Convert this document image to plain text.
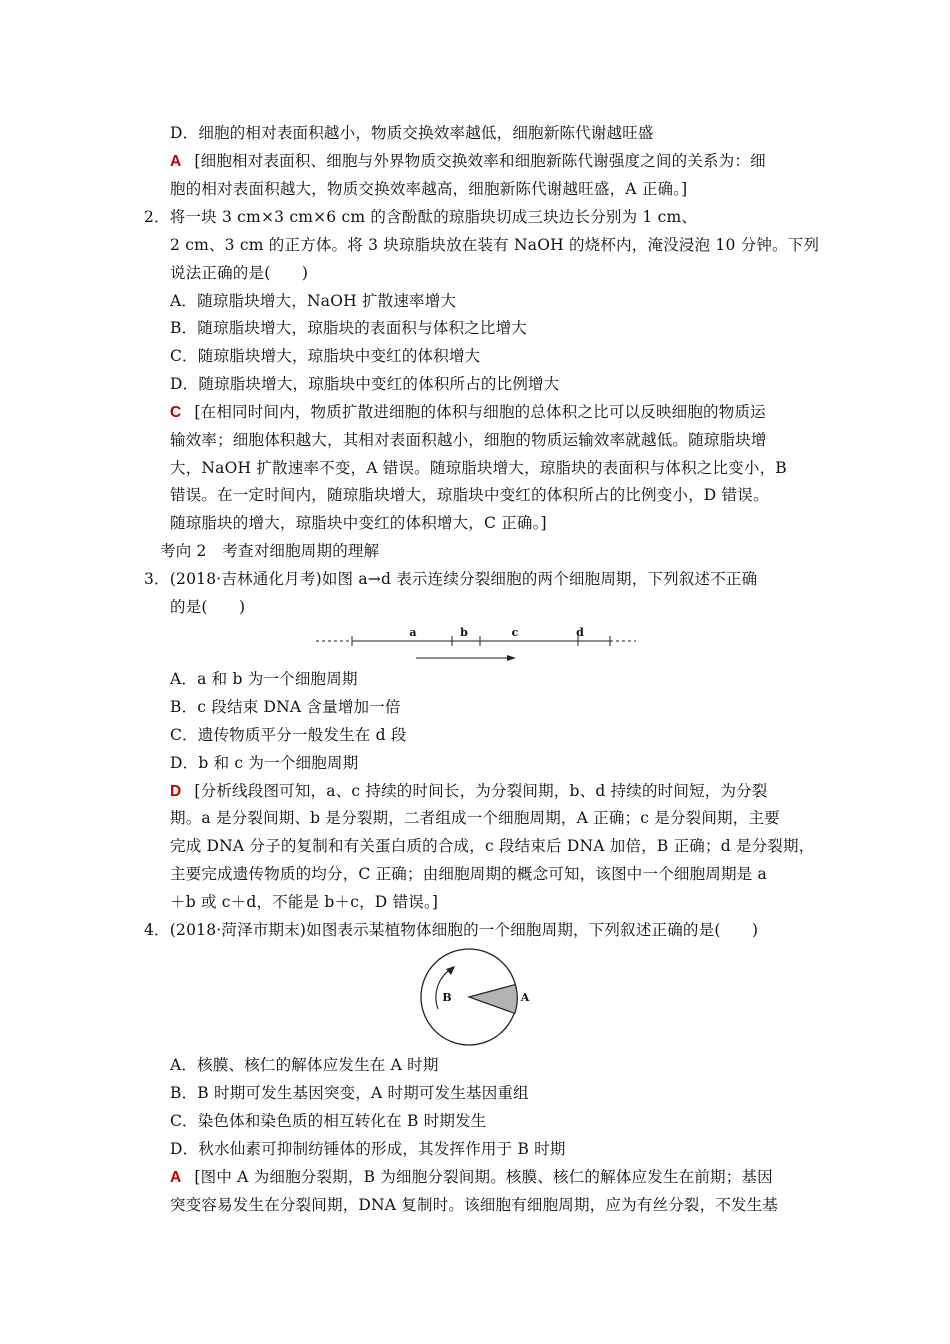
D．细胞的相对表面积越小，物质交换效率越低，细胞新陈代谢越旺盛
A [细胞相对表面积、细胞与外界物质交换效率和细胞新陈代谢强度之间的关系为：细
胞的相对表面积越大，物质交换效率越高，细胞新陈代谢越旺盛，A 正确。]
2．将一块 3 cm×3 cm×6 cm 的含酚酞的琼脂块切成三块边长分别为 1 cm、
2 cm、3 cm 的正方体。将 3 块琼脂块放在装有 NaOH 的烧杯内，淹没浸泡 10 分钟。下列
说法正确的是(　　)
A．随琼脂块增大，NaOH 扩散速率增大
B．随琼脂块增大，琼脂块的表面积与体积之比增大
C．随琼脂块增大，琼脂块中变红的体积增大
D．随琼脂块增大，琼脂块中变红的体积所占的比例增大
C [在相同时间内，物质扩散进细胞的体积与细胞的总体积之比可以反映细胞的物质运
输效率；细胞体积越大，其相对表面积越小，细胞的物质运输效率就越低。随琼脂块增
大，NaOH 扩散速率不变，A 错误。随琼脂块增大，琼脂块的表面积与体积之比变小，B
错误。在一定时间内，随琼脂块增大，琼脂块中变红的体积所占的比例变小，D 错误。
随琼脂块的增大，琼脂块中变红的体积增大，C 正确。]
考向 2　考查对细胞周期的理解
3．(2018·吉林通化月考)如图 a→d 表示连续分裂细胞的两个细胞周期，下列叙述不正确
的是(　　)
a	b	c	d
A．a 和 b 为一个细胞周期
B．c 段结束 DNA 含量增加一倍
C．遗传物质平分一般发生在 d 段
D．b 和 c 为一个细胞周期
D [分析线段图可知，a、c 持续的时间长，为分裂间期，b、d 持续的时间短，为分裂
期。a 是分裂间期、b 是分裂期，二者组成一个细胞周期，A 正确；c 是分裂间期，主要
完成 DNA 分子的复制和有关蛋白质的合成，c 段结束后 DNA 加倍，B 正确；d 是分裂期，
主要完成遗传物质的均分，C 正确；由细胞周期的概念可知，该图中一个细胞周期是 a
＋b 或 c＋d，不能是 b＋c，D 错误。]
4．(2018·菏泽市期末)如图表示某植物体细胞的一个细胞周期，下列叙述正确的是(　　)
B	A
A．核膜、核仁的解体应发生在 A 时期
B．B 时期可发生基因突变，A 时期可发生基因重组
C．染色体和染色质的相互转化在 B 时期发生
D．秋水仙素可抑制纺锤体的形成，其发挥作用于 B 时期
A [图中 A 为细胞分裂期，B 为细胞分裂间期。核膜、核仁的解体应发生在前期；基因
突变容易发生在分裂间期，DNA 复制时。该细胞有细胞周期，应为有丝分裂，不发生基
